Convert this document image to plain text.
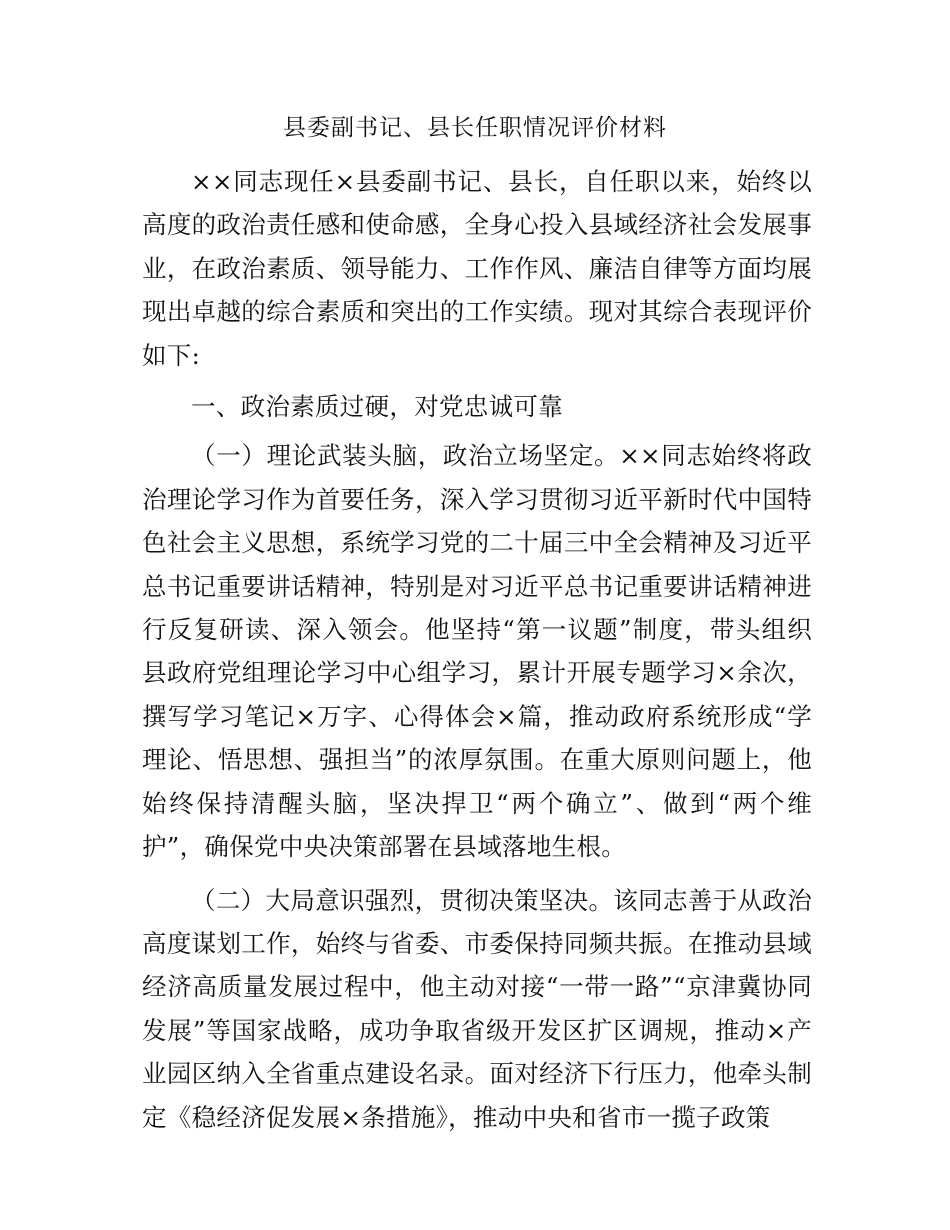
县委副书记、县长任职情况评价材料

××同志现任×县委副书记、县长，自任职以来，始终以高度的政治责任感和使命感，全身心投入县域经济社会发展事业，在政治素质、领导能力、工作作风、廉洁自律等方面均展现出卓越的综合素质和突出的工作实绩。现对其综合表现评价如下:

一、政治素质过硬，对党忠诚可靠

（一）理论武装头脑，政治立场坚定。××同志始终将政治理论学习作为首要任务，深入学习贯彻习近平新时代中国特色社会主义思想，系统学习党的二十届三中全会精神及习近平总书记重要讲话精神，特别是对习近平总书记重要讲话精神进行反复研读、深入领会。他坚持“第一议题”制度，带头组织县政府党组理论学习中心组学习，累计开展专题学习×余次，撰写学习笔记×万字、心得体会×篇，推动政府系统形成“学理论、悟思想、强担当”的浓厚氛围。在重大原则问题上，他始终保持清醒头脑，坚决捍卫“两个确立”、做到“两个维护”，确保党中央决策部署在县域落地生根。

（二）大局意识强烈，贯彻决策坚决。该同志善于从政治高度谋划工作，始终与省委、市委保持同频共振。在推动县域经济高质量发展过程中，他主动对接“一带一路”“京津冀协同发展”等国家战略，成功争取省级开发区扩区调规，推动×产业园区纳入全省重点建设名录。面对经济下行压力，他牵头制定《稳经济促发展×条措施》，推动中央和省市一揽子政策
